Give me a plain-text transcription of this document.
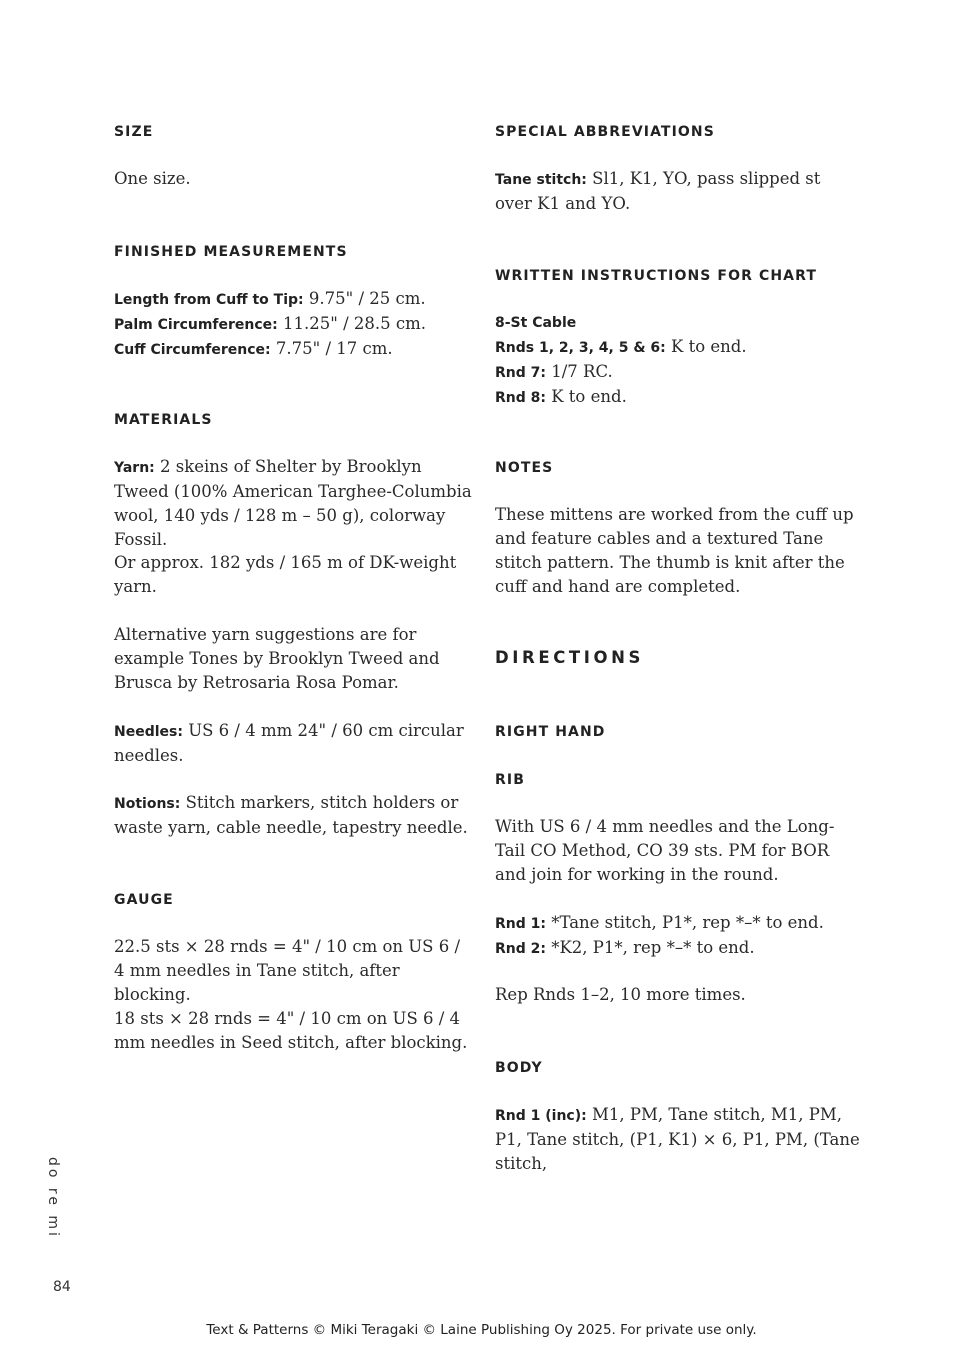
SIZE
One size.
FINISHED MEASUREMENTS
Length from Cuff to Tip: 9.75" / 25 cm.
Palm Circumference: 11.25" / 28.5 cm.
Cuff Circumference: 7.75" / 17 cm.
MATERIALS
Yarn: 2 skeins of Shelter by Brooklyn Tweed (100% American Targhee-Columbia wool, 140 yds / 128 m – 50 g), colorway Fossil.
Or approx. 182 yds / 165 m of DK-weight yarn.
Alternative yarn suggestions are for example Tones by Brooklyn Tweed and Brusca by Retrosaria Rosa Pomar.
Needles: US 6 / 4 mm 24" / 60 cm circular needles.
Notions: Stitch markers, stitch holders or waste yarn, cable needle, tapestry needle.
GAUGE
22.5 sts × 28 rnds = 4" / 10 cm on US 6 / 4 mm needles in Tane stitch, after blocking.
18 sts × 28 rnds = 4" / 10 cm on US 6 / 4 mm needles in Seed stitch, after blocking.
SPECIAL ABBREVIATIONS
Tane stitch: Sl1, K1, YO, pass slipped st over K1 and YO.
WRITTEN INSTRUCTIONS FOR CHART
8-St Cable
Rnds 1, 2, 3, 4, 5 & 6: K to end.
Rnd 7: 1/7 RC.
Rnd 8: K to end.
NOTES
These mittens are worked from the cuff up and feature cables and a textured Tane stitch pattern. The thumb is knit after the cuff and hand are completed.
DIRECTIONS
RIGHT HAND
RIB
With US 6 / 4 mm needles and the Long-Tail CO Method, CO 39 sts. PM for BOR and join for working in the round.
Rnd 1: *Tane stitch, P1*, rep *–* to end.
Rnd 2: *K2, P1*, rep *–* to end.
Rep Rnds 1–2, 10 more times.
BODY
Rnd 1 (inc): M1, PM, Tane stitch, M1, PM, P1, Tane stitch, (P1, K1) × 6, P1, PM, (Tane stitch,
do re mi
84
Text & Patterns © Miki Teragaki © Laine Publishing Oy 2025. For private use only.
